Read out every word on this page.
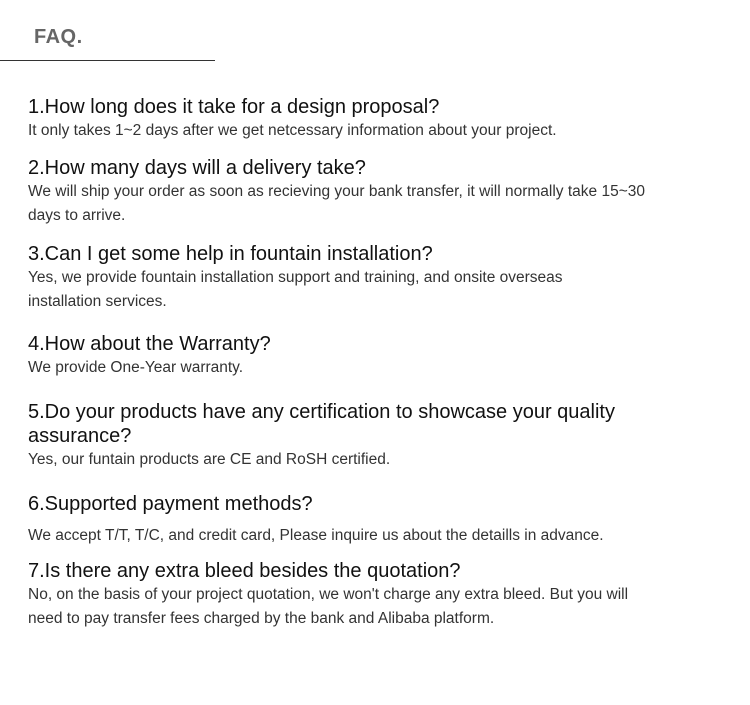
FAQ.
1.How long does it take for a design proposal?

It only takes 1~2 days after we get netcessary information about your project.

2.How many days will a delivery take?

We will ship your order as soon as recieving your bank transfer, it will normally take 15~30 days to arrive.

3.Can I get some help in fountain installation?

Yes, we provide fountain installation support and training, and onsite overseas installation services.

4.How about the Warranty?

We provide One-Year warranty.

5.Do your products have any certification to showcase your quality assurance?

Yes, our funtain products are CE and RoSH certified.

6.Supported payment methods?

We accept T/T, T/C, and credit card, Please inquire us about the detaills in advance.

7.Is there any extra bleed besides the quotation?

No, on the basis of your project quotation, we won't charge any extra bleed. But you will need to pay transfer fees charged by the bank and Alibaba platform.
